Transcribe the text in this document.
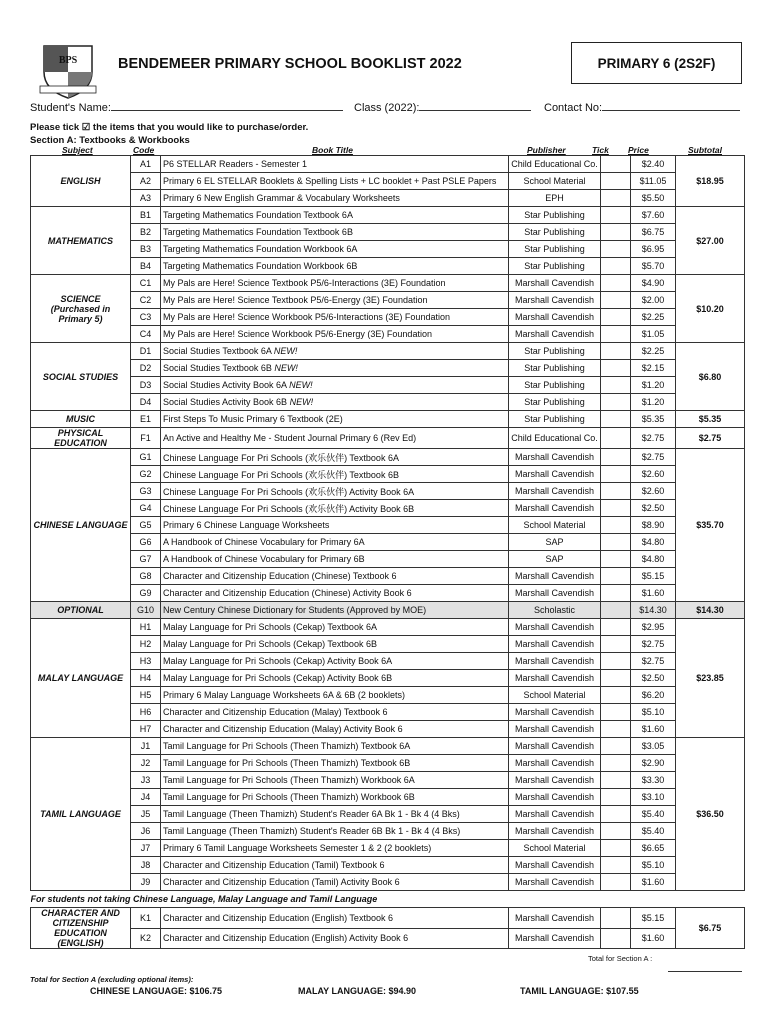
BPS	BENDEMEER PRIMARY SCHOOL BOOKLIST 2022	PRIMARY 6 (2S2F)
Student's Name:	Class (2022):	Contact No:
Please tick ☑ the items that you would like to purchase/order.
Section A: Textbooks & Workbooks
Subject	Code	Book Title	Publisher	Tick Price	Subtotal
ENGLISH	A1	P6 STELLAR Readers - Semester 1	Child Educational Co.		$2.40	$18.95
	A2	Primary 6 EL STELLAR Booklets & Spelling Lists + LC booklet + Past PSLE Papers	School Material		$11.05	
	A3	Primary 6 New English Grammar & Vocabulary Worksheets	EPH		$5.50	
MATHEMATICS	B1	Targeting Mathematics Foundation Textbook 6A	Star Publishing		$7.60	$27.00
	B2	Targeting Mathematics Foundation Textbook 6B	Star Publishing		$6.75	
	B3	Targeting Mathematics Foundation Workbook 6A	Star Publishing		$6.95	
	B4	Targeting Mathematics Foundation Workbook 6B	Star Publishing		$5.70	
SCIENCE
(Purchased in
Primary 5)	C1	My Pals are Here! Science Textbook P5/6-Interactions (3E) Foundation	Marshall Cavendish		$4.90	$10.20
	C2	My Pals are Here! Science Textbook P5/6-Energy (3E) Foundation	Marshall Cavendish		$2.00	
	C3	My Pals are Here! Science Workbook P5/6-Interactions (3E) Foundation	Marshall Cavendish		$2.25	
	C4	My Pals are Here! Science Workbook P5/6-Energy (3E) Foundation	Marshall Cavendish		$1.05	
SOCIAL STUDIES	D1	Social Studies Textbook 6A NEW!	Star Publishing		$2.25	$6.80
	D2	Social Studies Textbook 6B NEW!	Star Publishing		$2.15	
	D3	Social Studies Activity Book 6A NEW!	Star Publishing		$1.20	
	D4	Social Studies Activity Book 6B NEW!	Star Publishing		$1.20	
MUSIC	E1	First Steps To Music Primary 6 Textbook (2E)	Star Publishing		$5.35	$5.35
PHYSICAL EDUCATION	F1	An Active and Healthy Me - Student Journal Primary 6 (Rev Ed)	Child Educational Co.		$2.75	$2.75
CHINESE LANGUAGE	G1	Chinese Language For Pri Schools (欢乐伙伴) Textbook 6A	Marshall Cavendish		$2.75	$35.70
	G2	Chinese Language For Pri Schools (欢乐伙伴) Textbook 6B	Marshall Cavendish		$2.60	
	G3	Chinese Language For Pri Schools (欢乐伙伴) Activity Book 6A	Marshall Cavendish		$2.60	
	G4	Chinese Language For Pri Schools (欢乐伙伴) Activity Book 6B	Marshall Cavendish		$2.50	
	G5	Primary 6 Chinese Language Worksheets	School Material		$8.90	
	G6	A Handbook of Chinese Vocabulary for Primary 6A	SAP		$4.80	
	G7	A Handbook of Chinese Vocabulary for Primary 6B	SAP		$4.80	
	G8	Character and Citizenship Education (Chinese) Textbook 6	Marshall Cavendish		$5.15	
	G9	Character and Citizenship Education (Chinese) Activity Book 6	Marshall Cavendish		$1.60	
OPTIONAL	G10	New Century Chinese Dictionary for Students (Approved by MOE)	Scholastic		$14.30	$14.30
MALAY LANGUAGE	H1	Malay Language for Pri Schools (Cekap) Textbook 6A	Marshall Cavendish		$2.95	$23.85
	H2	Malay Language for Pri Schools (Cekap) Textbook 6B	Marshall Cavendish		$2.75	
	H3	Malay Language for Pri Schools (Cekap) Activity Book 6A	Marshall Cavendish		$2.75	
	H4	Malay Language for Pri Schools (Cekap) Activity Book 6B	Marshall Cavendish		$2.50	
	H5	Primary 6 Malay Language Worksheets 6A & 6B (2 booklets)	School Material		$6.20	
	H6	Character and Citizenship Education (Malay) Textbook 6	Marshall Cavendish		$5.10	
	H7	Character and Citizenship Education (Malay) Activity Book 6	Marshall Cavendish		$1.60	
TAMIL LANGUAGE	J1	Tamil Language for Pri Schools (Theen Thamizh) Textbook 6A	Marshall Cavendish		$3.05	$36.50
	J2	Tamil Language for Pri Schools (Theen Thamizh) Textbook 6B	Marshall Cavendish		$2.90	
	J3	Tamil Language for Pri Schools (Theen Thamizh) Workbook 6A	Marshall Cavendish		$3.30	
	J4	Tamil Language for Pri Schools (Theen Thamizh) Workbook 6B	Marshall Cavendish		$3.10	
	J5	Tamil Language (Theen Thamizh) Student's Reader 6A Bk 1 - Bk 4 (4 Bks)	Marshall Cavendish		$5.40	
	J6	Tamil Language (Theen Thamizh) Student's Reader 6B Bk 1 - Bk 4 (4 Bks)	Marshall Cavendish		$5.40	
	J7	Primary 6 Tamil Language Worksheets Semester 1 & 2 (2 booklets)	School Material		$6.65	
	J8	Character and Citizenship Education (Tamil) Textbook 6	Marshall Cavendish		$5.10	
	J9	Character and Citizenship Education (Tamil) Activity Book 6	Marshall Cavendish		$1.60	
For students not taking Chinese Language, Malay Language and Tamil Language						
CHARACTER AND
CITIZENSHIP
EDUCATION (ENGLISH)	K1	Character and Citizenship Education (English) Textbook 6	Marshall Cavendish		$5.15	$6.75
	K2	Character and Citizenship Education (English) Activity Book 6	Marshall Cavendish		$1.60	
Total for Section A :
Total for Section A (excluding optional items):
CHINESE LANGUAGE: $106.75	MALAY LANGUAGE: $94.90	TAMIL LANGUAGE: $107.55
